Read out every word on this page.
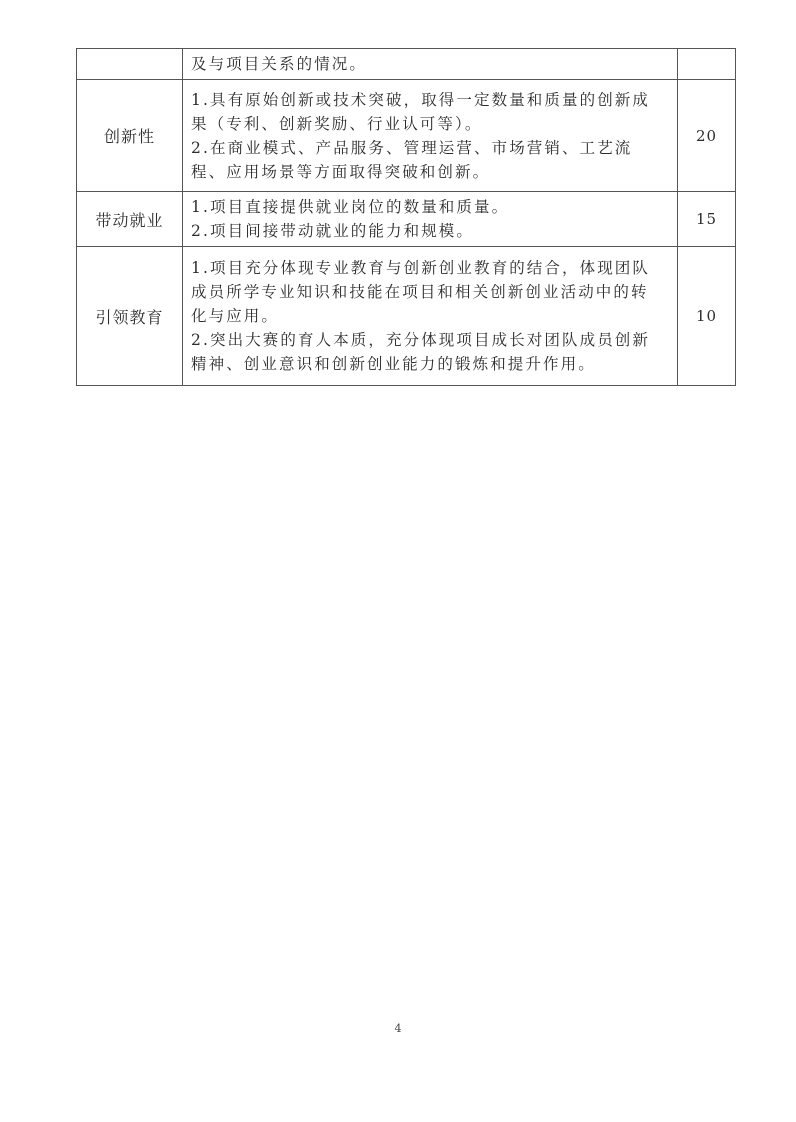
	及与项目关系的情况。	

创新性	1.具有原始创新或技术突破，取得一定数量和质量的创新成
果（专利、创新奖励、行业认可等）。
2.在商业模式、产品服务、管理运营、市场营销、工艺流
程、应用场景等方面取得突破和创新。	20
带动就业	1.项目直接提供就业岗位的数量和质量。
2.项目间接带动就业的能力和规模。	15
引领教育	1.项目充分体现专业教育与创新创业教育的结合，体现团队
成员所学专业知识和技能在项目和相关创新创业活动中的转
化与应用。
2.突出大赛的育人本质，充分体现项目成长对团队成员创新
精神、创业意识和创新创业能力的锻炼和提升作用。	10
4
